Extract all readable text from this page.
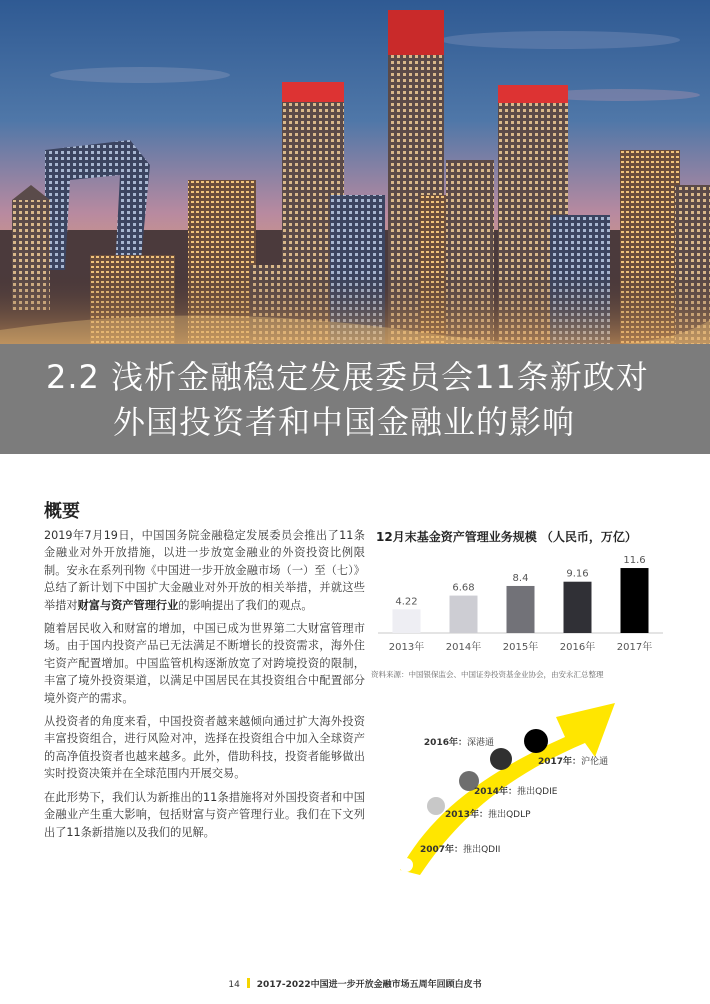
2.2 浅析金融稳定发展委员会11条新政对
外国投资者和中国金融业的影响
概要

2019年7月19日，中国国务院金融稳定发展委员会推出了11条金融业对外开放措施，以进一步放宽金融业的外资投资比例限制。安永在系列刊物《中国进一步开放金融市场（一）至（七）》总结了新计划下中国扩大金融业对外开放的相关举措，并就这些举措对财富与资产管理行业的影响提出了我们的观点。

随着居民收入和财富的增加，中国已成为世界第二大财富管理市场。由于国内投资产品已无法满足不断增长的投资需求，海外住宅资产配置增加。中国监管机构逐渐放宽了对跨境投资的限制，丰富了境外投资渠道，以满足中国居民在其投资组合中配置部分境外资产的需求。

从投资者的角度来看，中国投资者越来越倾向通过扩大海外投资丰富投资组合，进行风险对冲，选择在投资组合中加入全球资产的高净值投资者也越来越多。此外，借助科技，投资者能够做出实时投资决策并在全球范围内开展交易。

在此形势下，我们认为新推出的11条措施将对外国投资者和中国金融业产生重大影响，包括财富与资产管理行业。我们在下文列出了11条新措施以及我们的见解。

12月末基金资产管理业务规模 （人民币，万亿）
4.22
2013年
6.68
2014年
8.4
2015年
9.16
2016年
11.6
2017年
资料来源：中国银保监会、中国证券投资基金业协会，由安永汇总整理
2007年：推出QDII
2013年：推出QDLP
2014年：推出QDIE
2016年：深港通
2017年：沪伦通
14 2017-2022中国进一步开放金融市场五周年回顾白皮书
